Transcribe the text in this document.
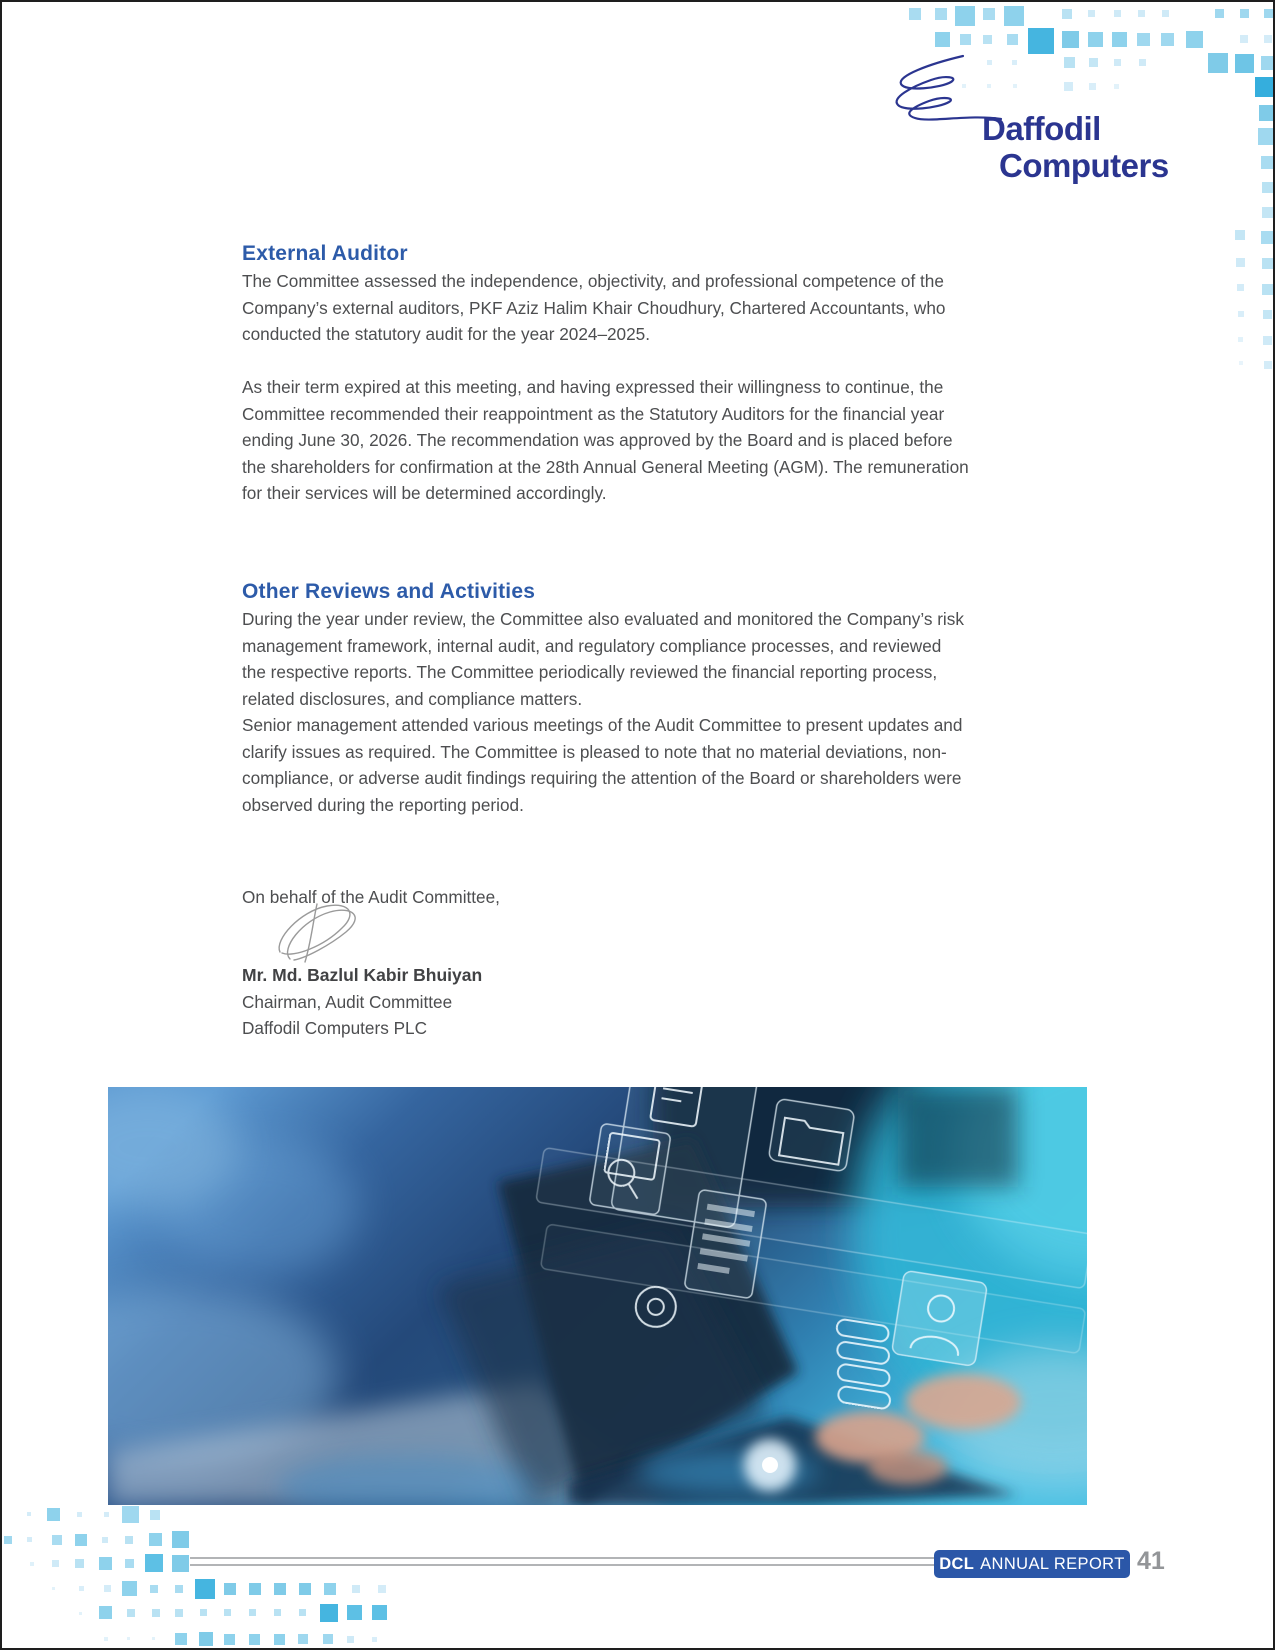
Daffodil
Computers
External Auditor

The Committee assessed the independence, objectivity, and professional competence of the Company’s external auditors, PKF Aziz Halim Khair Choudhury, Chartered Accountants, who conducted the statutory audit for the year 2024–2025.

As their term expired at this meeting, and having expressed their willingness to continue, the Committee recommended their reappointment as the Statutory Auditors for the financial year ending June 30, 2026. The recommendation was approved by the Board and is placed before the shareholders for confirmation at the 28th Annual General Meeting (AGM). The remuneration for their services will be determined accordingly.

Other Reviews and Activities

During the year under review, the Committee also evaluated and monitored the Company’s risk management framework, internal audit, and regulatory compliance processes, and reviewed the respective reports. The Committee periodically reviewed the financial reporting process, related disclosures, and compliance matters.

Senior management attended various meetings of the Audit Committee to present updates and clarify issues as required. The Committee is pleased to note that no material deviations, non-compliance, or adverse audit findings requiring the attention of the Board or shareholders were observed during the reporting period.

On behalf of the Audit Committee,

Mr. Md. Bazlul Kabir Bhuiyan
Chairman, Audit Committee
Daffodil Computers PLC
DCL ANNUAL REPORT 41
